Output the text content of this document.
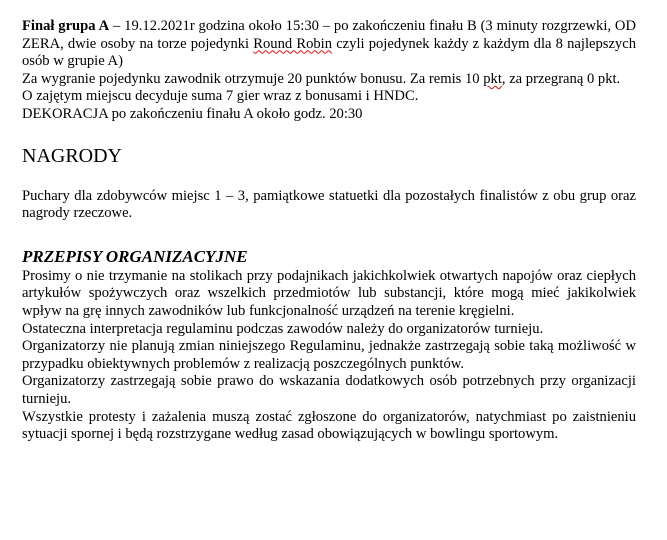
Finał grupa A – 19.12.2021r godzina około 15:30 – po zakończeniu finału B (3 minuty rozgrzewki, OD ZERA, dwie osoby na torze pojedynki Round Robin czyli pojedynek każdy z każdym dla 8 najlepszych osób w grupie A)

Za wygranie pojedynku zawodnik otrzymuje 20 punktów bonusu. Za remis 10 pkt, za przegraną 0 pkt.

O zajętym miejscu decyduje suma 7 gier wraz z bonusami i HNDC.

DEKORACJA po zakończeniu finału A około godz. 20:30

NAGRODY

Puchary dla zdobywców miejsc 1 – 3, pamiątkowe statuetki dla pozostałych finalistów z obu grup oraz nagrody rzeczowe.

PRZEPISY ORGANIZACYJNE

Prosimy o nie trzymanie na stolikach przy podajnikach jakichkolwiek otwartych napojów oraz ciepłych artykułów spożywczych oraz wszelkich przedmiotów lub substancji, które mogą mieć jakikolwiek wpływ na grę innych zawodników lub funkcjonalność urządzeń na terenie kręgielni.

Ostateczna interpretacja regulaminu podczas zawodów należy do organizatorów turnieju.

Organizatorzy nie planują zmian niniejszego Regulaminu, jednakże zastrzegają sobie taką możliwość w przypadku obiektywnych problemów z realizacją poszczególnych punktów.

Organizatorzy zastrzegają sobie prawo do wskazania dodatkowych osób potrzebnych przy organizacji turnieju.

Wszystkie protesty i zażalenia muszą zostać zgłoszone do organizatorów, natychmiast po zaistnieniu sytuacji spornej i będą rozstrzygane według zasad obowiązujących w bowlingu sportowym.
